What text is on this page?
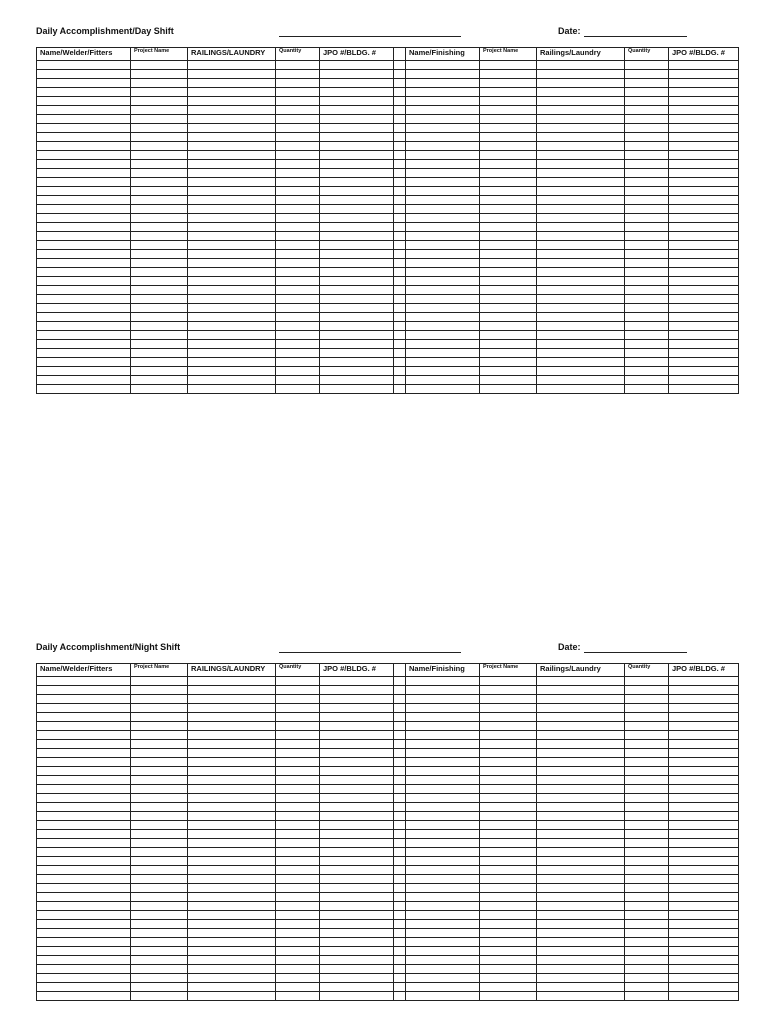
Daily Accomplishment/Day Shift	Date:
Name/Welder/Fitters	Project Name	RAILINGS/LAUNDRY	Quantity	JPO #/BLDG. #		Name/Finishing	Project Name	Railings/Laundry	Quantity	JPO #/BLDG. #

Daily Accomplishment/Night Shift	Date:
Name/Welder/Fitters	Project Name	RAILINGS/LAUNDRY	Quantity	JPO #/BLDG. #		Name/Finishing	Project Name	Railings/Laundry	Quantity	JPO #/BLDG. #
